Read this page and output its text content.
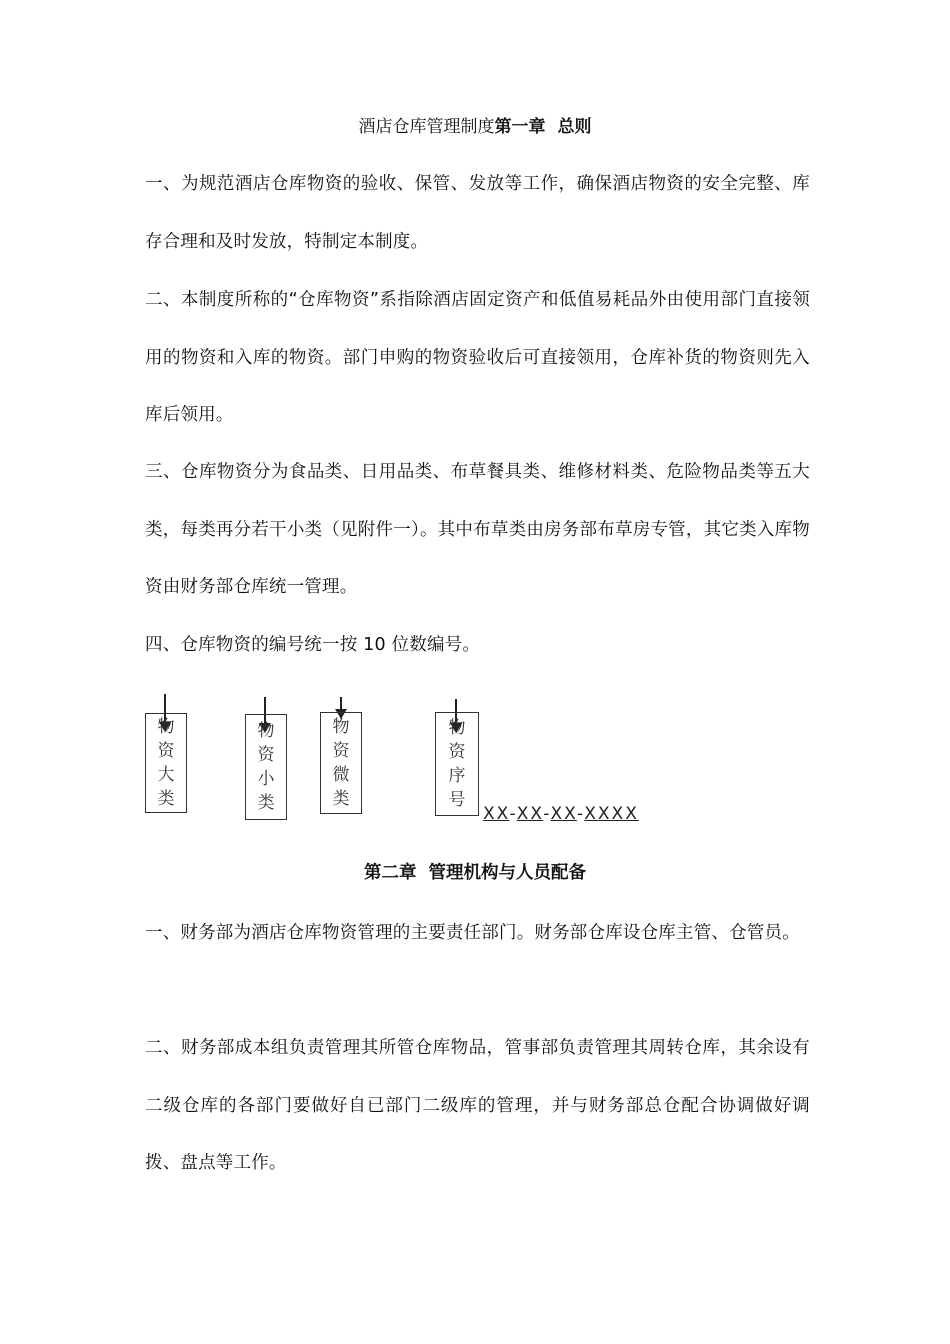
酒店仓库管理制度第一章 总则

一、为规范酒店仓库物资的验收、保管、发放等工作，确保酒店物资的安全完整、库存合理和及时发放，特制定本制度。

二、本制度所称的“仓库物资”系指除酒店固定资产和低值易耗品外由使用部门直接领用的物资和入库的物资。部门申购的物资验收后可直接领用，仓库补货的物资则先入库后领用。

三、仓库物资分为食品类、日用品类、布草餐具类、维修材料类、危险物品类等五大类，每类再分若干小类（见附件一）。其中布草类由房务部布草房专管，其它类入库物资由财务部仓库统一管理。

四、仓库物资的编号统一按 10 位数编号。

物
资
大
类
物
资
小
类
物
资
微
类
物
资
序
号
XX-XX-XX-XXXX
第二章 管理机构与人员配备

一、财务部为酒店仓库物资管理的主要责任部门。财务部仓库设仓库主管、仓管员。

二、财务部成本组负责管理其所管仓库物品，管事部负责管理其周转仓库，其余设有二级仓库的各部门要做好自已部门二级库的管理，并与财务部总仓配合协调做好调拨、盘点等工作。
